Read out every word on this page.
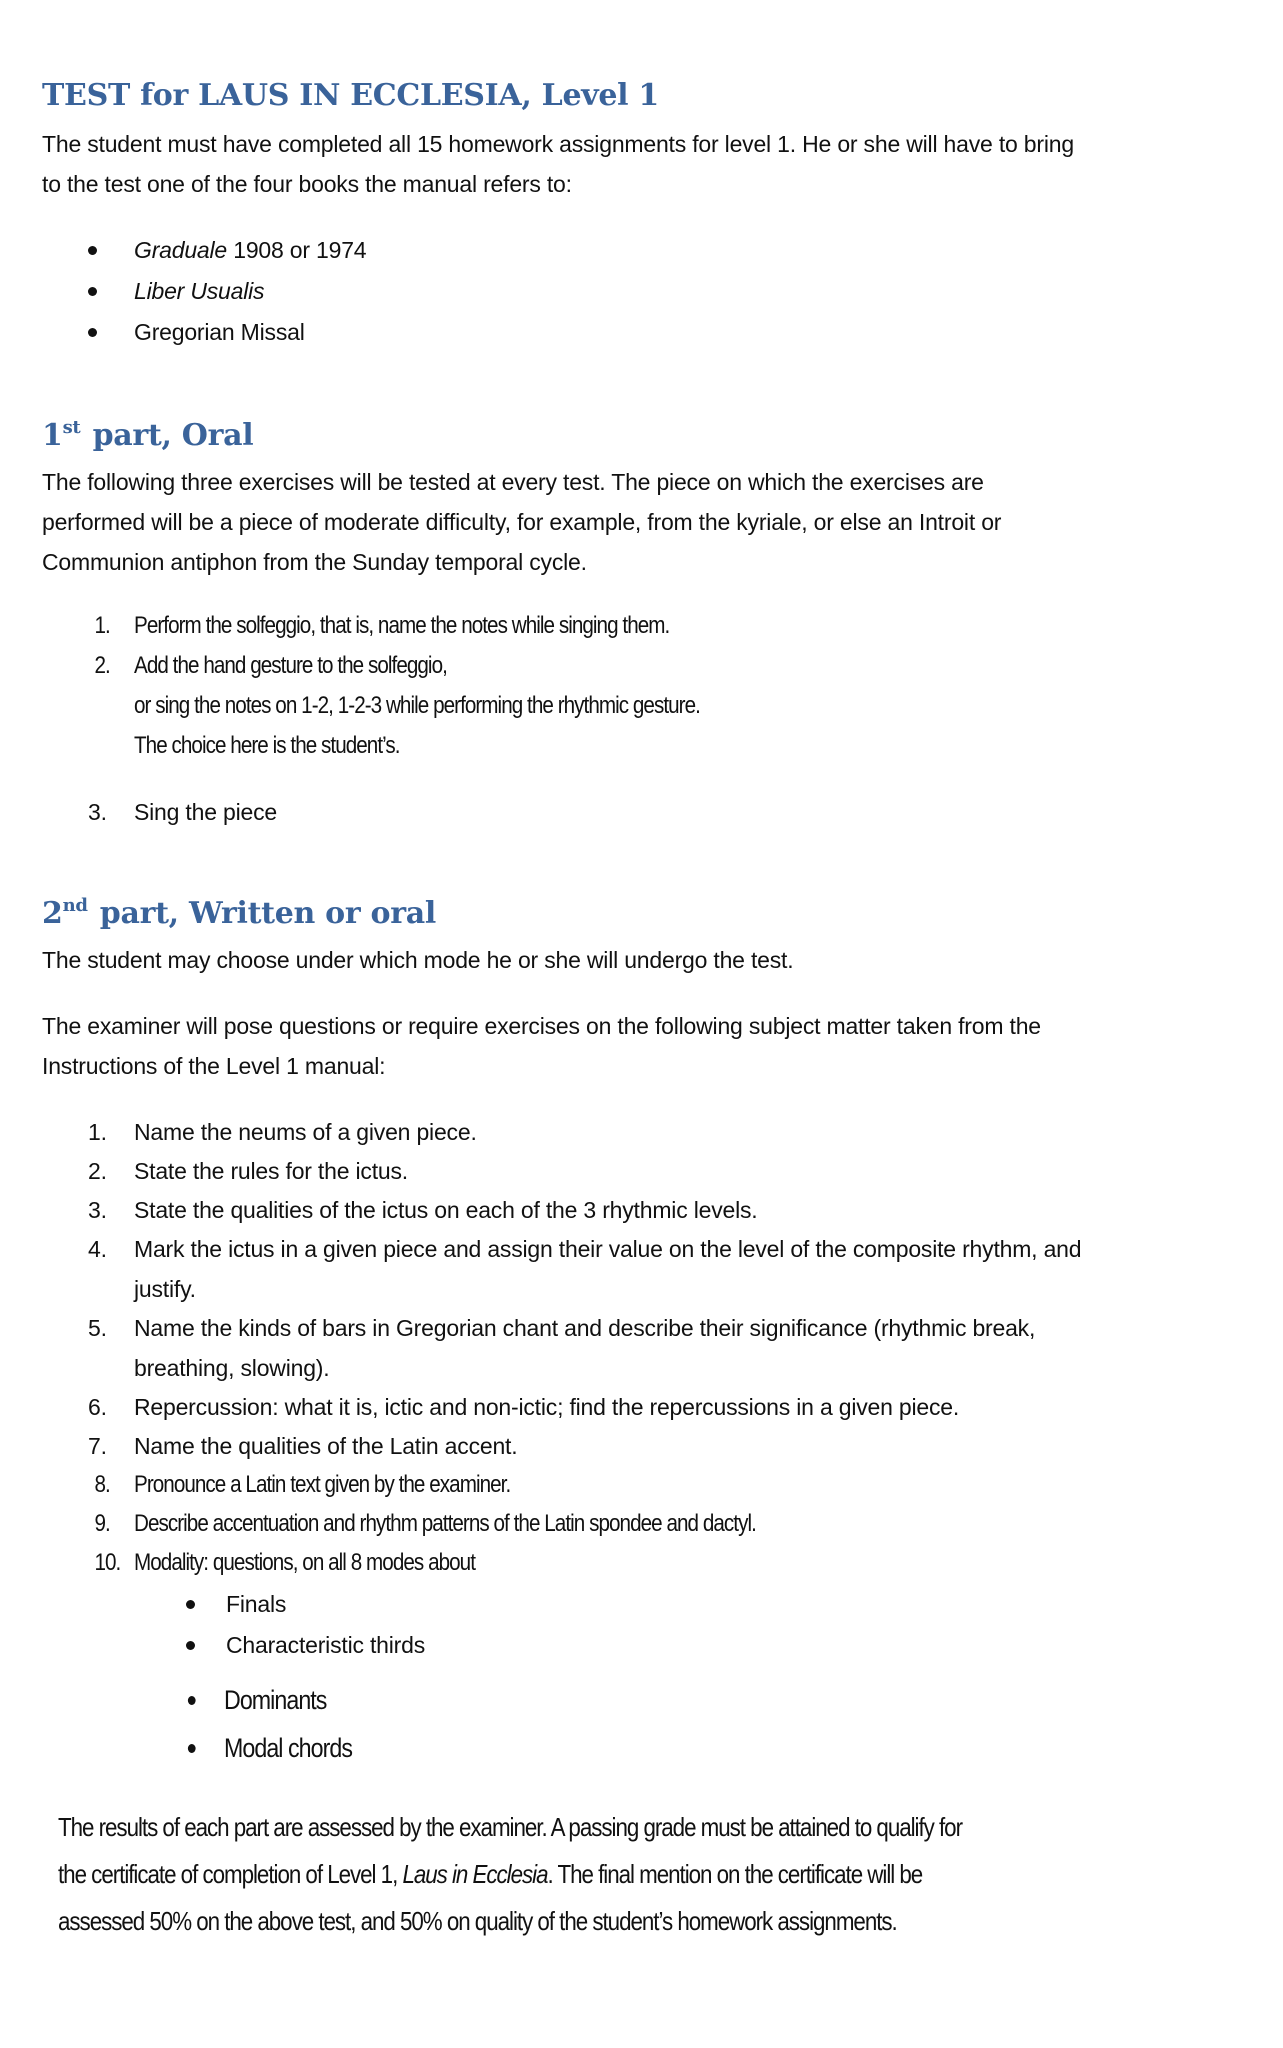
TEST for LAUS IN ECCLESIA, Level 1

The student must have completed all 15 homework assignments for level 1. He or she will have to bring
to the test one of the four books the manual refers to:

Graduale 1908 or 1974
Liber Usualis
Gregorian Missal
1st part, Oral

The following three exercises will be tested at every test. The piece on which the exercises are
performed will be a piece of moderate difficulty, for example, from the kyriale, or else an Introit or
Communion antiphon from the Sunday temporal cycle.

1. Perform the solfeggio, that is, name the notes while singing them.
2. Add the hand gesture to the solfeggio,
or sing the notes on 1-2, 1-2-3 while performing the rhythmic gesture.
The choice here is the student’s.
3. Sing the piece
2nd part, Written or oral

The student may choose under which mode he or she will undergo the test.

The examiner will pose questions or require exercises on the following subject matter taken from the
Instructions of the Level 1 manual:

1. Name the neums of a given piece.
2. State the rules for the ictus.
3. State the qualities of the ictus on each of the 3 rhythmic levels.
4. Mark the ictus in a given piece and assign their value on the level of the composite rhythm, and
justify.
5. Name the kinds of bars in Gregorian chant and describe their significance (rhythmic break,
breathing, slowing).
6. Repercussion: what it is, ictic and non-ictic; find the repercussions in a given piece.
7. Name the qualities of the Latin accent.
8. Pronounce a Latin text given by the examiner.
9. Describe accentuation and rhythm patterns of the Latin spondee and dactyl.
10. Modality: questions, on all 8 modes about
Finals
Characteristic thirds
Dominants
Modal chords

The results of each part are assessed by the examiner. A passing grade must be attained to qualify for
the certificate of completion of Level 1, Laus in Ecclesia. The final mention on the certificate will be
assessed 50% on the above test, and 50% on quality of the student’s homework assignments.
